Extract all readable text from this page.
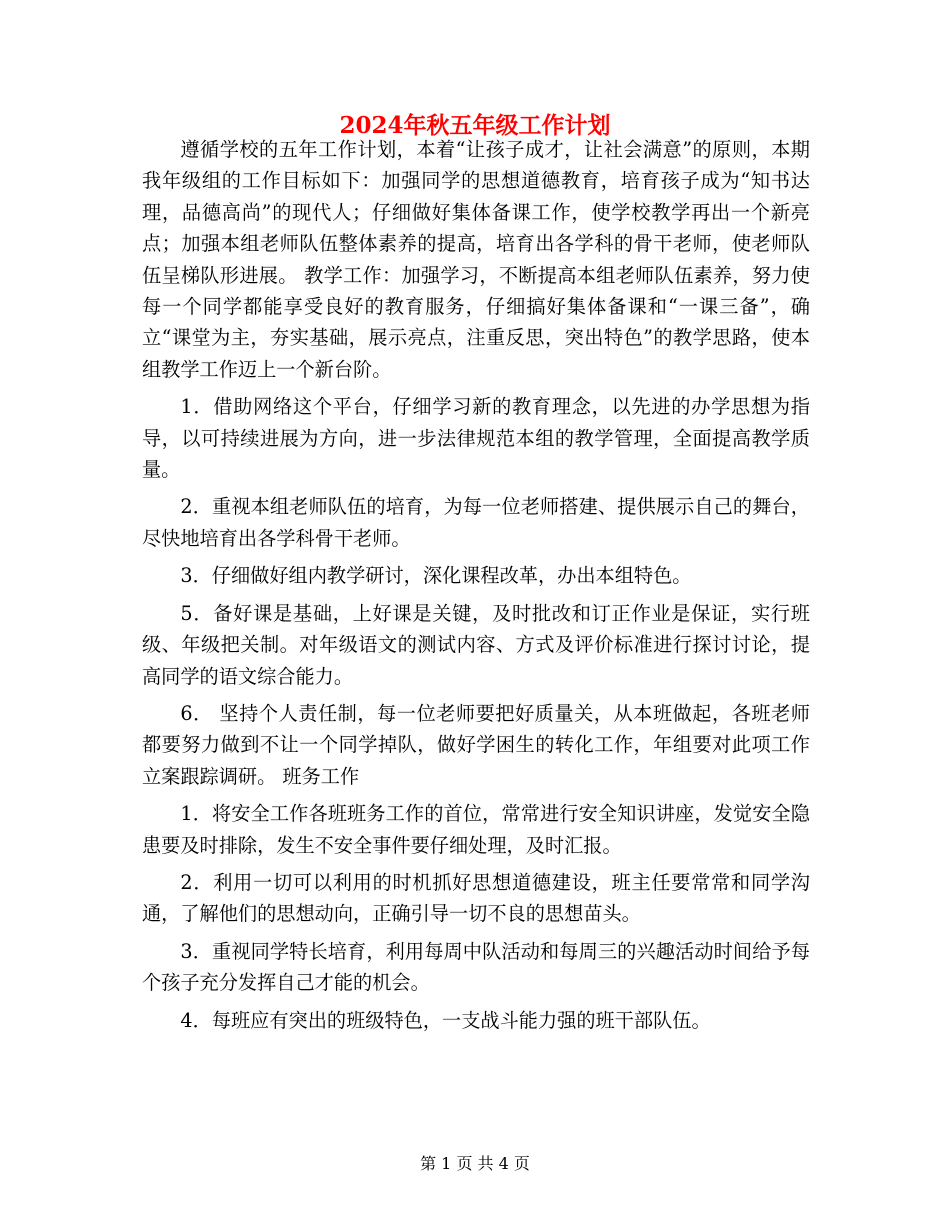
2024年秋五年级工作计划

遵循学校的五年工作计划，本着“让孩子成才，让社会满意”的原则，本期我年级组的工作目标如下：加强同学的思想道德教育，培育孩子成为“知书达理，品德高尚”的现代人；仔细做好集体备课工作，使学校教学再出一个新亮点；加强本组老师队伍整体素养的提高，培育出各学科的骨干老师，使老师队伍呈梯队形进展。 教学工作：加强学习，不断提高本组老师队伍素养，努力使每一个同学都能享受良好的教育服务，仔细搞好集体备课和“一课三备”，确立“课堂为主，夯实基础，展示亮点，注重反思，突出特色”的教学思路，使本组教学工作迈上一个新台阶。

1．借助网络这个平台，仔细学习新的教育理念，以先进的办学思想为指导，以可持续进展为方向，进一步法律规范本组的教学管理，全面提高教学质量。

2．重视本组老师队伍的培育，为每一位老师搭建、提供展示自己的舞台，尽快地培育出各学科骨干老师。

3．仔细做好组内教学研讨，深化课程改革，办出本组特色。

5．备好课是基础，上好课是关键，及时批改和订正作业是保证，实行班级、年级把关制。对年级语文的测试内容、方式及评价标准进行探讨讨论，提高同学的语文综合能力。

6． 坚持个人责任制，每一位老师要把好质量关，从本班做起，各班老师都要努力做到不让一个同学掉队，做好学困生的转化工作，年组要对此项工作立案跟踪调研。 班务工作

1．将安全工作各班班务工作的首位，常常进行安全知识讲座，发觉安全隐患要及时排除，发生不安全事件要仔细处理，及时汇报。

2．利用一切可以利用的时机抓好思想道德建设，班主任要常常和同学沟通，了解他们的思想动向，正确引导一切不良的思想苗头。

3．重视同学特长培育，利用每周中队活动和每周三的兴趣活动时间给予每个孩子充分发挥自己才能的机会。

4．每班应有突出的班级特色，一支战斗能力强的班干部队伍。

第 1 页 共 4 页
